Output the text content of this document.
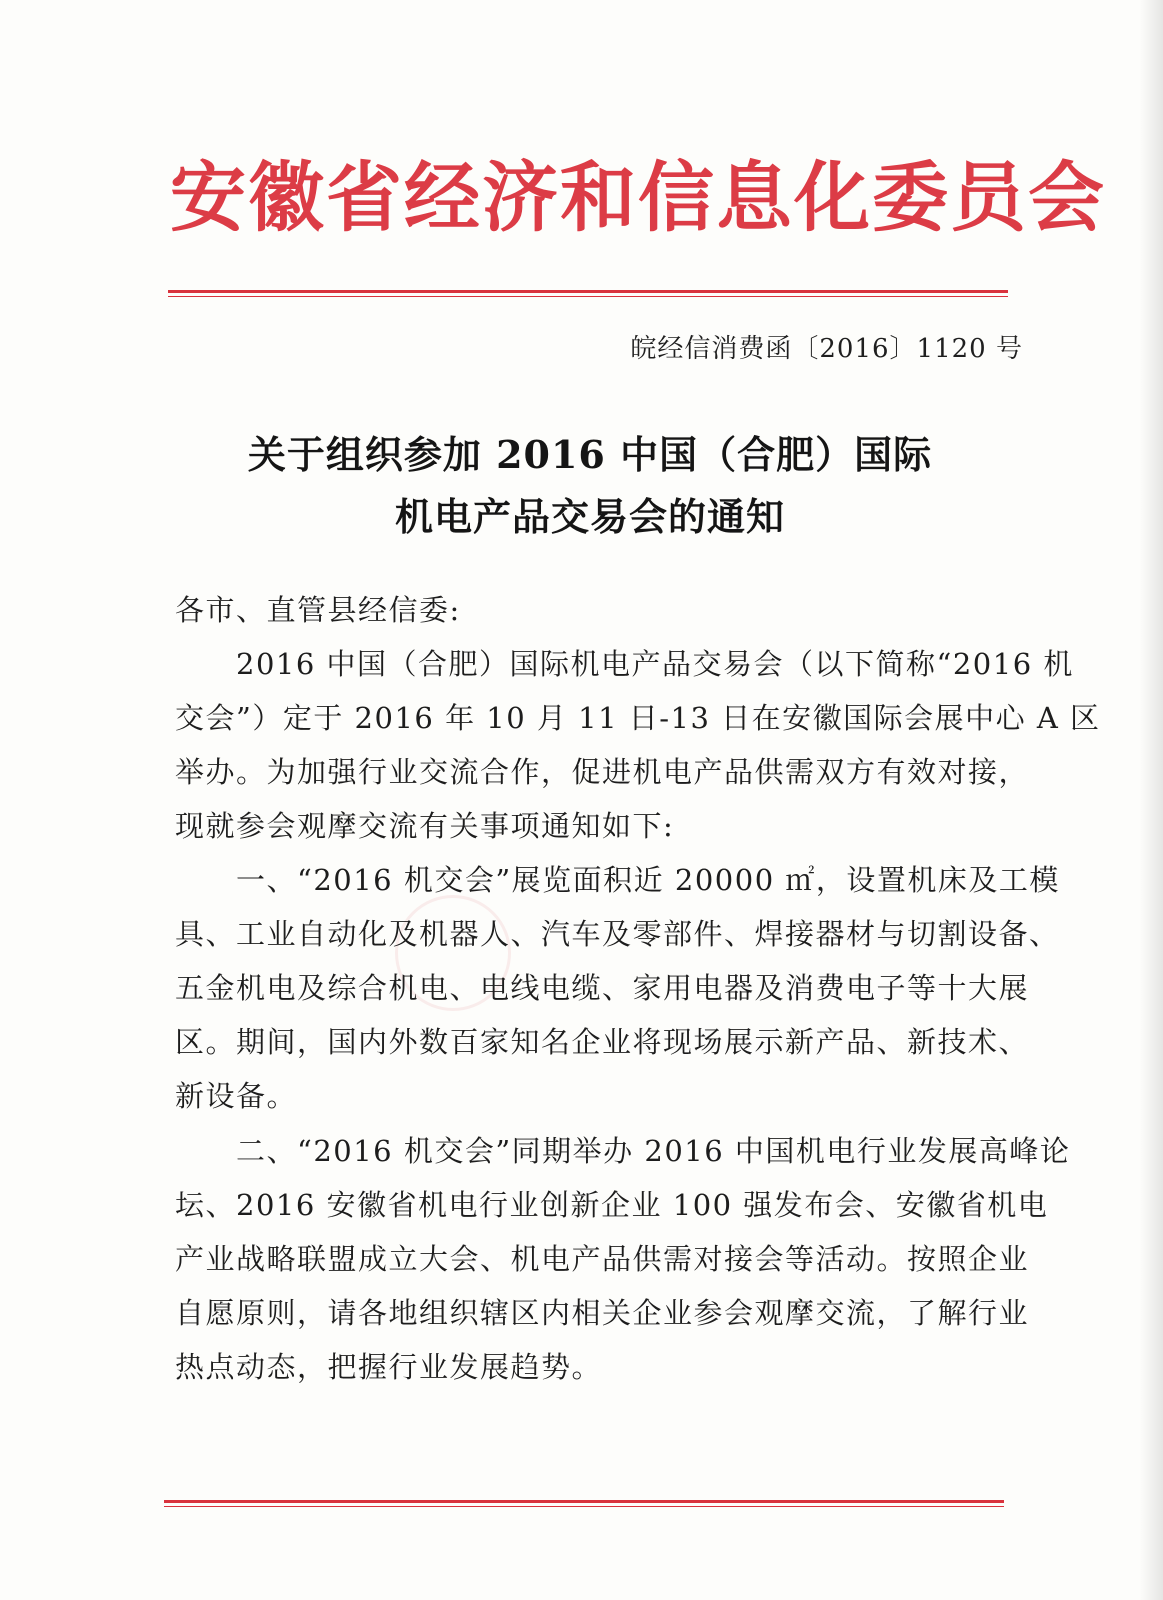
安徽省经济和信息化委员会
皖经信消费函〔2016〕1120 号
关于组织参加 2016 中国（合肥）国际
机电产品交易会的通知
各市、直管县经信委:
　　2016 中国（合肥）国际机电产品交易会（以下简称“2016 机
交会”）定于 2016 年 10 月 11 日-13 日在安徽国际会展中心 A 区
举办。为加强行业交流合作，促进机电产品供需双方有效对接，
现就参会观摩交流有关事项通知如下:
　　一、“2016 机交会”展览面积近 20000 ㎡，设置机床及工模
具、工业自动化及机器人、汽车及零部件、焊接器材与切割设备、
五金机电及综合机电、电线电缆、家用电器及消费电子等十大展
区。期间，国内外数百家知名企业将现场展示新产品、新技术、
新设备。
　　二、“2016 机交会”同期举办 2016 中国机电行业发展高峰论
坛、2016 安徽省机电行业创新企业 100 强发布会、安徽省机电
产业战略联盟成立大会、机电产品供需对接会等活动。按照企业
自愿原则，请各地组织辖区内相关企业参会观摩交流，了解行业
热点动态，把握行业发展趋势。
